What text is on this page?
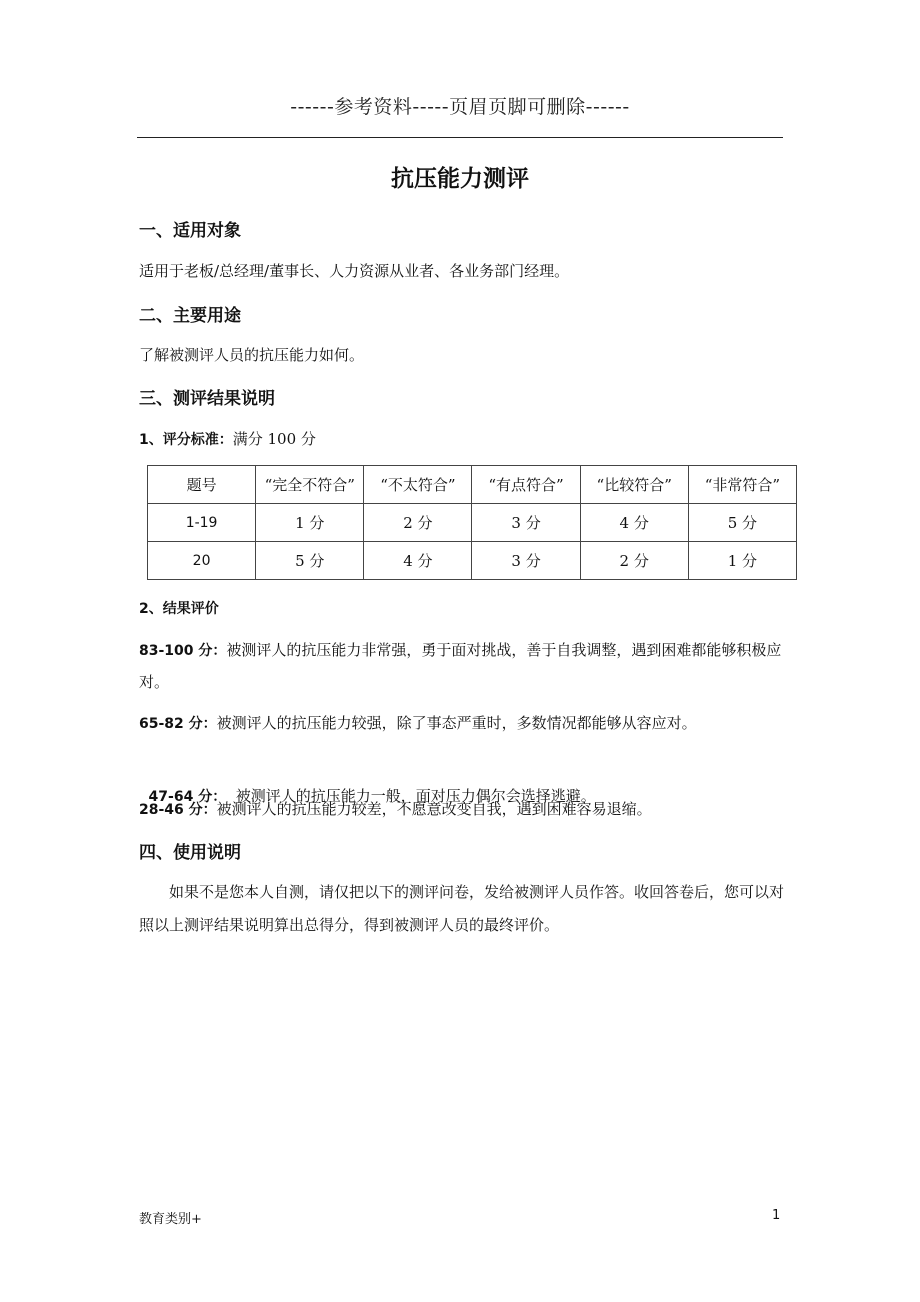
------参考资料-----页眉页脚可删除------
抗压能力测评
一、适用对象
适用于老板/总经理/董事长、人力资源从业者、各业务部门经理。
二、主要用途
了解被测评人员的抗压能力如何。
三、测评结果说明
1、评分标准：满分 100 分
题号	“完全不符合”	“不太符合”	“有点符合”	“比较符合”	“非常符合”
1-19	1 分	2 分	3 分	4 分	5 分
20	5 分	4 分	3 分	2 分	1 分
2、结果评价
83-100 分：被测评人的抗压能力非常强，勇于面对挑战，善于自我调整，遇到困难都能够积极应对。
65-82 分：被测评人的抗压能力较强，除了事态严重时，多数情况都能够从容应对。

47-64 分：  被测评人的抗压能力一般，面对压力偶尔会选择逃避。

28-46 分：被测评人的抗压能力较差，不愿意改变自我，遇到困难容易退缩。
四、使用说明
如果不是您本人自测，请仅把以下的测评问卷，发给被测评人员作答。收回答卷后，您可以对照以上测评结果说明算出总得分，得到被测评人员的最终评价。
教育类别+	1
